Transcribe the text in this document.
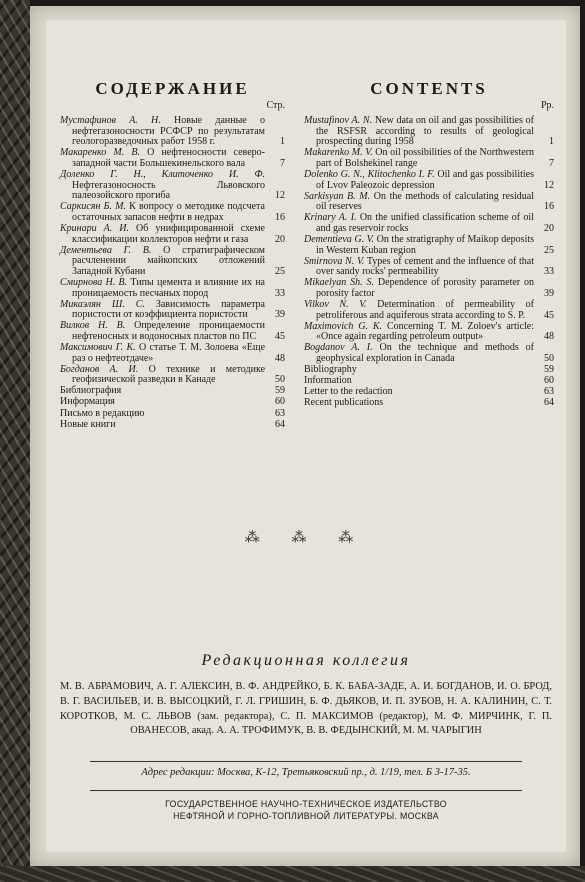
СОДЕРЖАНИЕ
Стр.
Мустафинов А. Н. Новые данные о нефтегазоносности РСФСР по результатам геологоразведочных работ 1958 г.	1
Макаренко М. В. О нефтеносности северо-западной части Большекинельского вала	7
Доленко Г. Н., Клиточенко И. Ф. Нефтегазоносность Львовского палеозойского прогиба	12
Саркисян Б. М. К вопросу о методике подсчета остаточных запасов нефти в недрах	16
Кринари А. И. Об унифицированной схеме классификации коллекторов нефти и газа	20
Дементьева Г. В. О стратиграфическом расчленении майкопских отложений Западной Кубани	25
Смирнова Н. В. Типы цемента и влияние их на проницаемость песчаных пород	33
Микаэлян Ш. С. Зависимость параметра пористости от коэффициента пористости	39
Вилков Н. В. Определение проницаемости нефтеносных и водоносных пластов по ПС	45
Максимович Г. К. О статье Т. М. Золоева «Еще раз о нефтеотдаче»	48
Богданов А. И. О технике и методике геофизической разведки в Канаде	50
Библиография	59
Информация	60
Письмо в редакцию	63
Новые книги	64
CONTENTS
Pp.
Mustafinov A. N. New data on oil and gas possibilities of the RSFSR according to results of geological prospecting during 1958	1
Makarenko M. V. On oil possibilities of the Northwestern part of Bolshekinel range	7
Dolenko G. N., Klitochenko I. F. Oil and gas possibilities of Lvov Paleozoic depression	12
Sarkisyan B. M. On the methods of calculating residual oil reserves	16
Krinary A. I. On the unified classification scheme of oil and gas reservoir rocks	20
Dementieva G. V. On the stratigraphy of Maikop deposits in Western Kuban region	25
Smirnova N. V. Types of cement and the influence of that over sandy rocks' permeability	33
Mikaelyan Sh. S. Dependence of porosity parameter on porosity factor	39
Vilkov N. V. Determination of permeability of petroliferous and aquiferous strata according to S. P.	45
Maximovich G. K. Concerning T. M. Zoloev's article: «Once again regarding petroleum output»	48
Bogdanov A. I. On the technique and methods of geophysical exploration in Canada	50
Bibliography	59
Information	60
Letter to the redaction	63
Recent publications	64
⁂ ⁂ ⁂
Редакционная коллегия
М. В. АБРАМОВИЧ, А. Г. АЛЕКСИН, В. Ф. АНДРЕЙКО, Б. К. БАБА-ЗАДЕ, А. И. БОГДАНОВ, И. О. БРОД, В. Г. ВАСИЛЬЕВ, И. В. ВЫСОЦКИЙ, Г. Л. ГРИШИН, Б. Ф. ДЬЯКОВ, И. П. ЗУБОВ, Н. А. КАЛИНИН, С. Т. КОРОТКОВ, М. С. ЛЬВОВ (зам. редактора), С. П. МАКСИМОВ (редактор), М. Ф. МИРЧИНК, Г. П. ОВАНЕСОВ, акад. А. А. ТРОФИМУК, В. В. ФЕДЫНСКИЙ, М. М. ЧАРЫГИН
Адрес редакции: Москва, К-12, Третьяковский пр., д. 1/19, тел. Б 3-17-35.
ГОСУДАРСТВЕННОЕ НАУЧНО-ТЕХНИЧЕСКОЕ ИЗДАТЕЛЬСТВО
НЕФТЯНОЙ И ГОРНО-ТОПЛИВНОЙ ЛИТЕРАТУРЫ. МОСКВА
